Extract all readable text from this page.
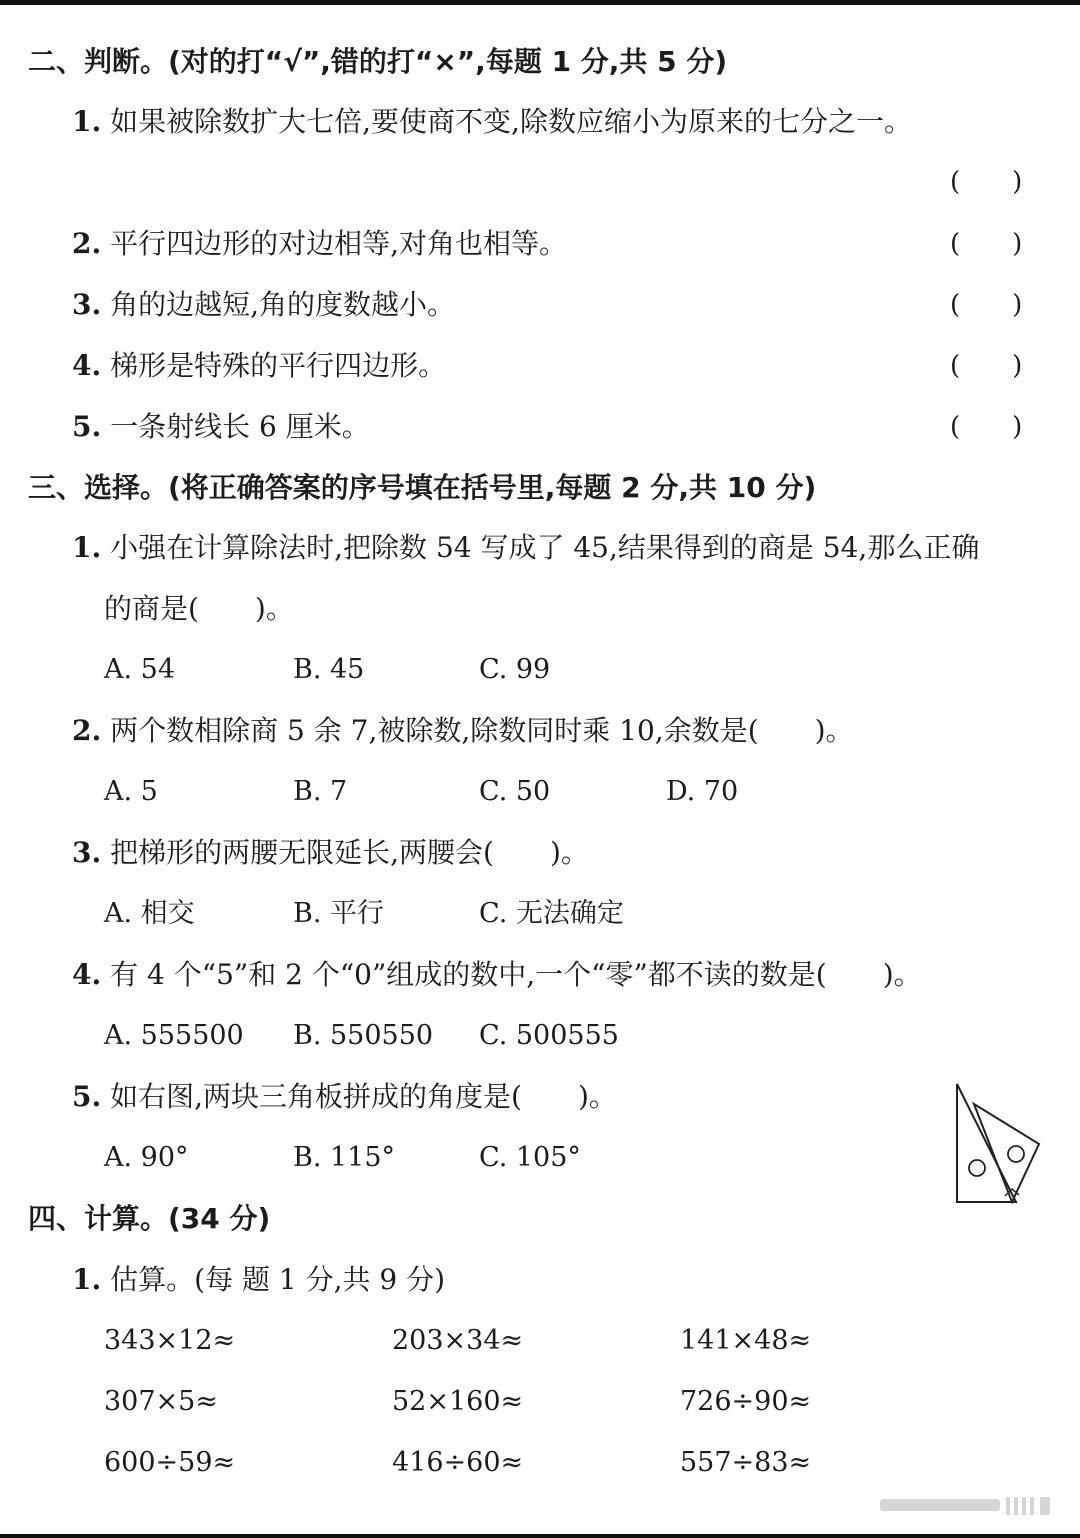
二、判断。(对的打“√”,错的打“×”,每题 1 分,共 5 分)
1. 如果被除数扩大七倍,要使商不变,除数应缩小为原来的七分之一。
(　　)
2. 平行四边形的对边相等,对角也相等。	(　　)
3. 角的边越短,角的度数越小。	(　　)
4. 梯形是特殊的平行四边形。	(　　)
5. 一条射线长 6 厘米。	(　　)
三、选择。(将正确答案的序号填在括号里,每题 2 分,共 10 分)
1. 小强在计算除法时,把除数 54 写成了 45,结果得到的商是 54,那么正确
的商是(　　)。
A. 54	B. 45	C. 99
2. 两个数相除商 5 余 7,被除数,除数同时乘 10,余数是(　　)。
A. 5	B. 7	C. 50	D. 70
3. 把梯形的两腰无限延长,两腰会(　　)。
A. 相交	B. 平行	C. 无法确定
4. 有 4 个“5”和 2 个“0”组成的数中,一个“零”都不读的数是(　　)。
A. 555500 B. 550550 C. 500555
5. 如右图,两块三角板拼成的角度是(　　)。
A. 90°	B. 115°	C. 105°
四、计算。(34 分)
1. 估算。(每 题 1 分,共 9 分)
343×12≈	203×34≈	141×48≈
307×5≈	52×160≈	726÷90≈
600÷59≈	416÷60≈	557÷83≈
